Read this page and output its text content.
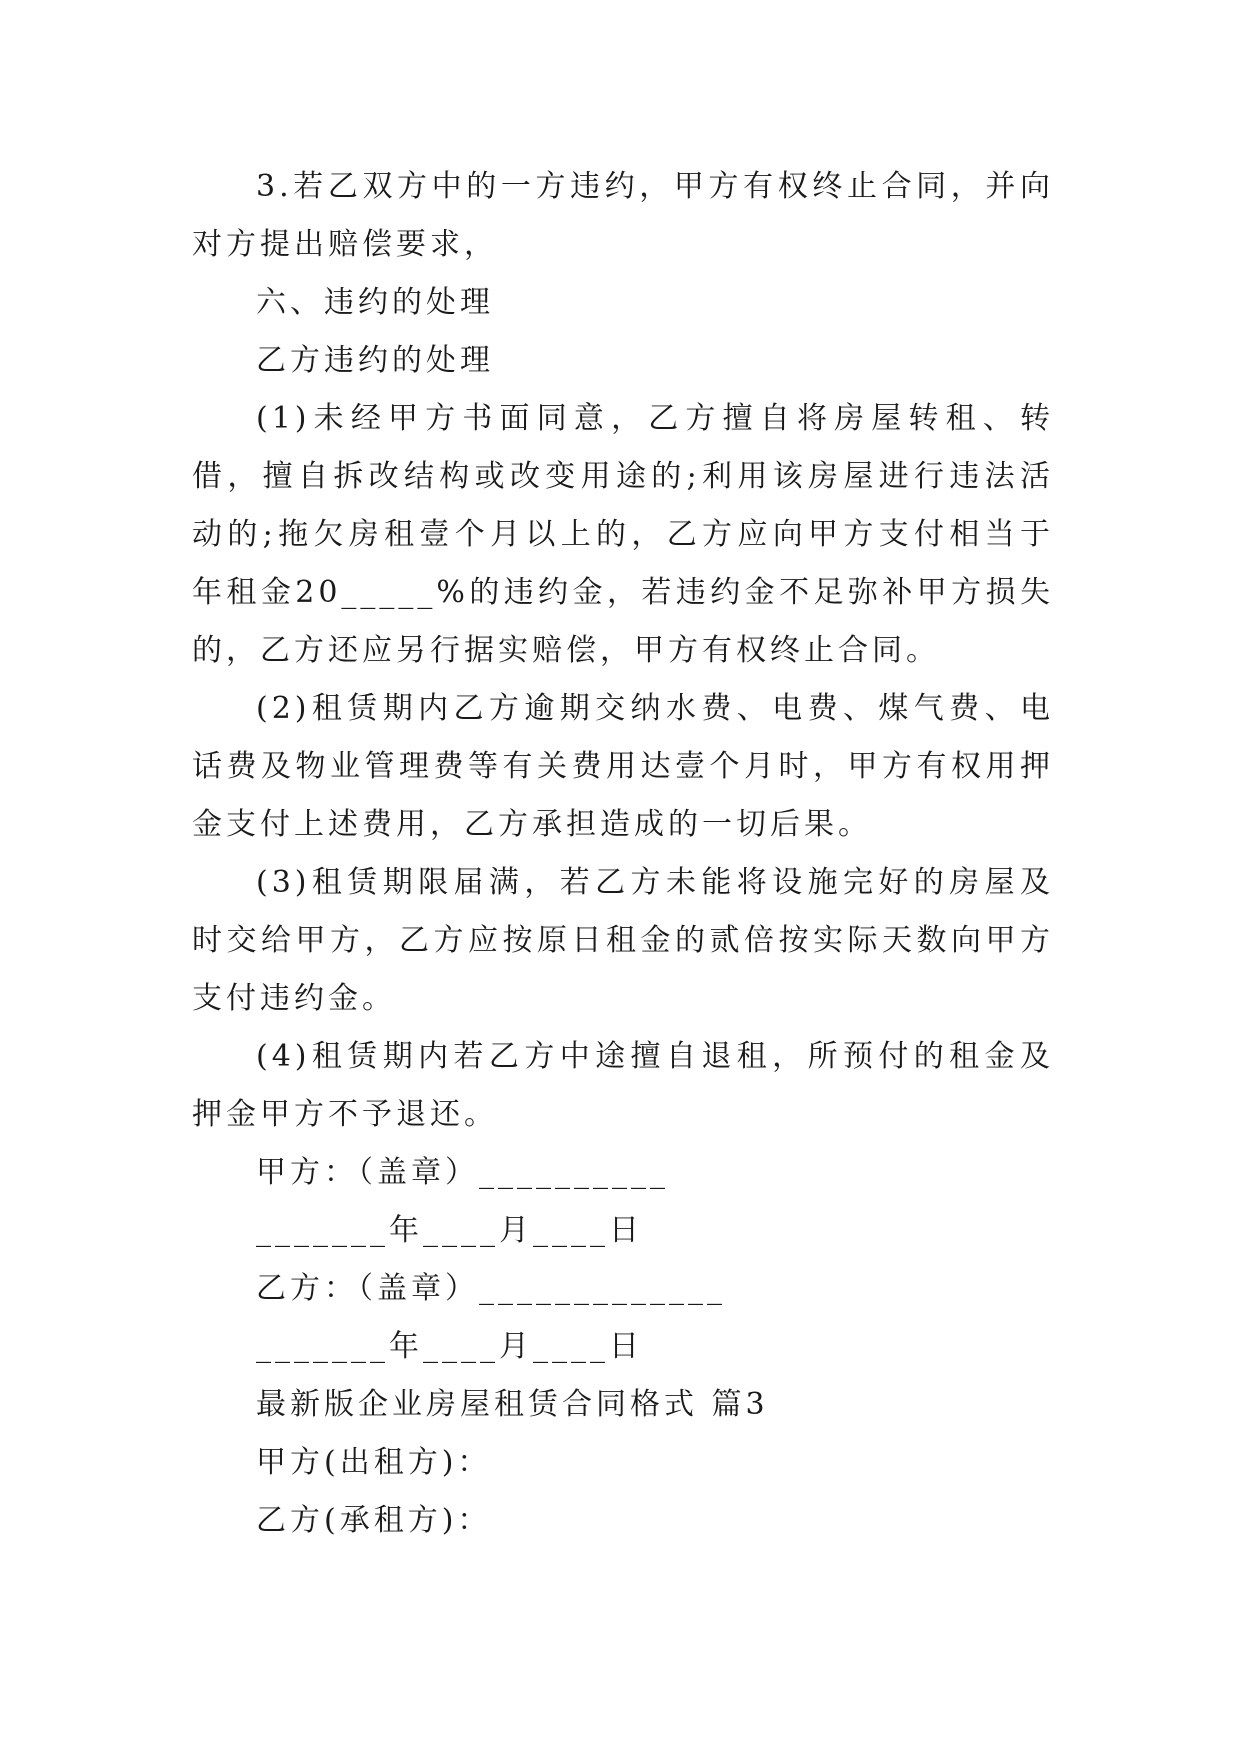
3.若乙双方中的一方违约，甲方有权终止合同，并向对方提出赔偿要求，

六、违约的处理

乙方违约的处理

(1)未经甲方书面同意，乙方擅自将房屋转租、转借，擅自拆改结构或改变用途的;利用该房屋进行违法活动的;拖欠房租壹个月以上的，乙方应向甲方支付相当于年租金20_____%的违约金，若违约金不足弥补甲方损失的，乙方还应另行据实赔偿，甲方有权终止合同。

(2)租赁期内乙方逾期交纳水费、电费、煤气费、电话费及物业管理费等有关费用达壹个月时，甲方有权用押金支付上述费用，乙方承担造成的一切后果。

(3)租赁期限届满，若乙方未能将设施完好的房屋及时交给甲方，乙方应按原日租金的贰倍按实际天数向甲方支付违约金。

(4)租赁期内若乙方中途擅自退租，所预付的租金及押金甲方不予退还。

甲方：（盖章）__________

_______年____月____日

乙方：（盖章）_____________

_______年____月____日

最新版企业房屋租赁合同格式 篇3

甲方(出租方)：

乙方(承租方)：
